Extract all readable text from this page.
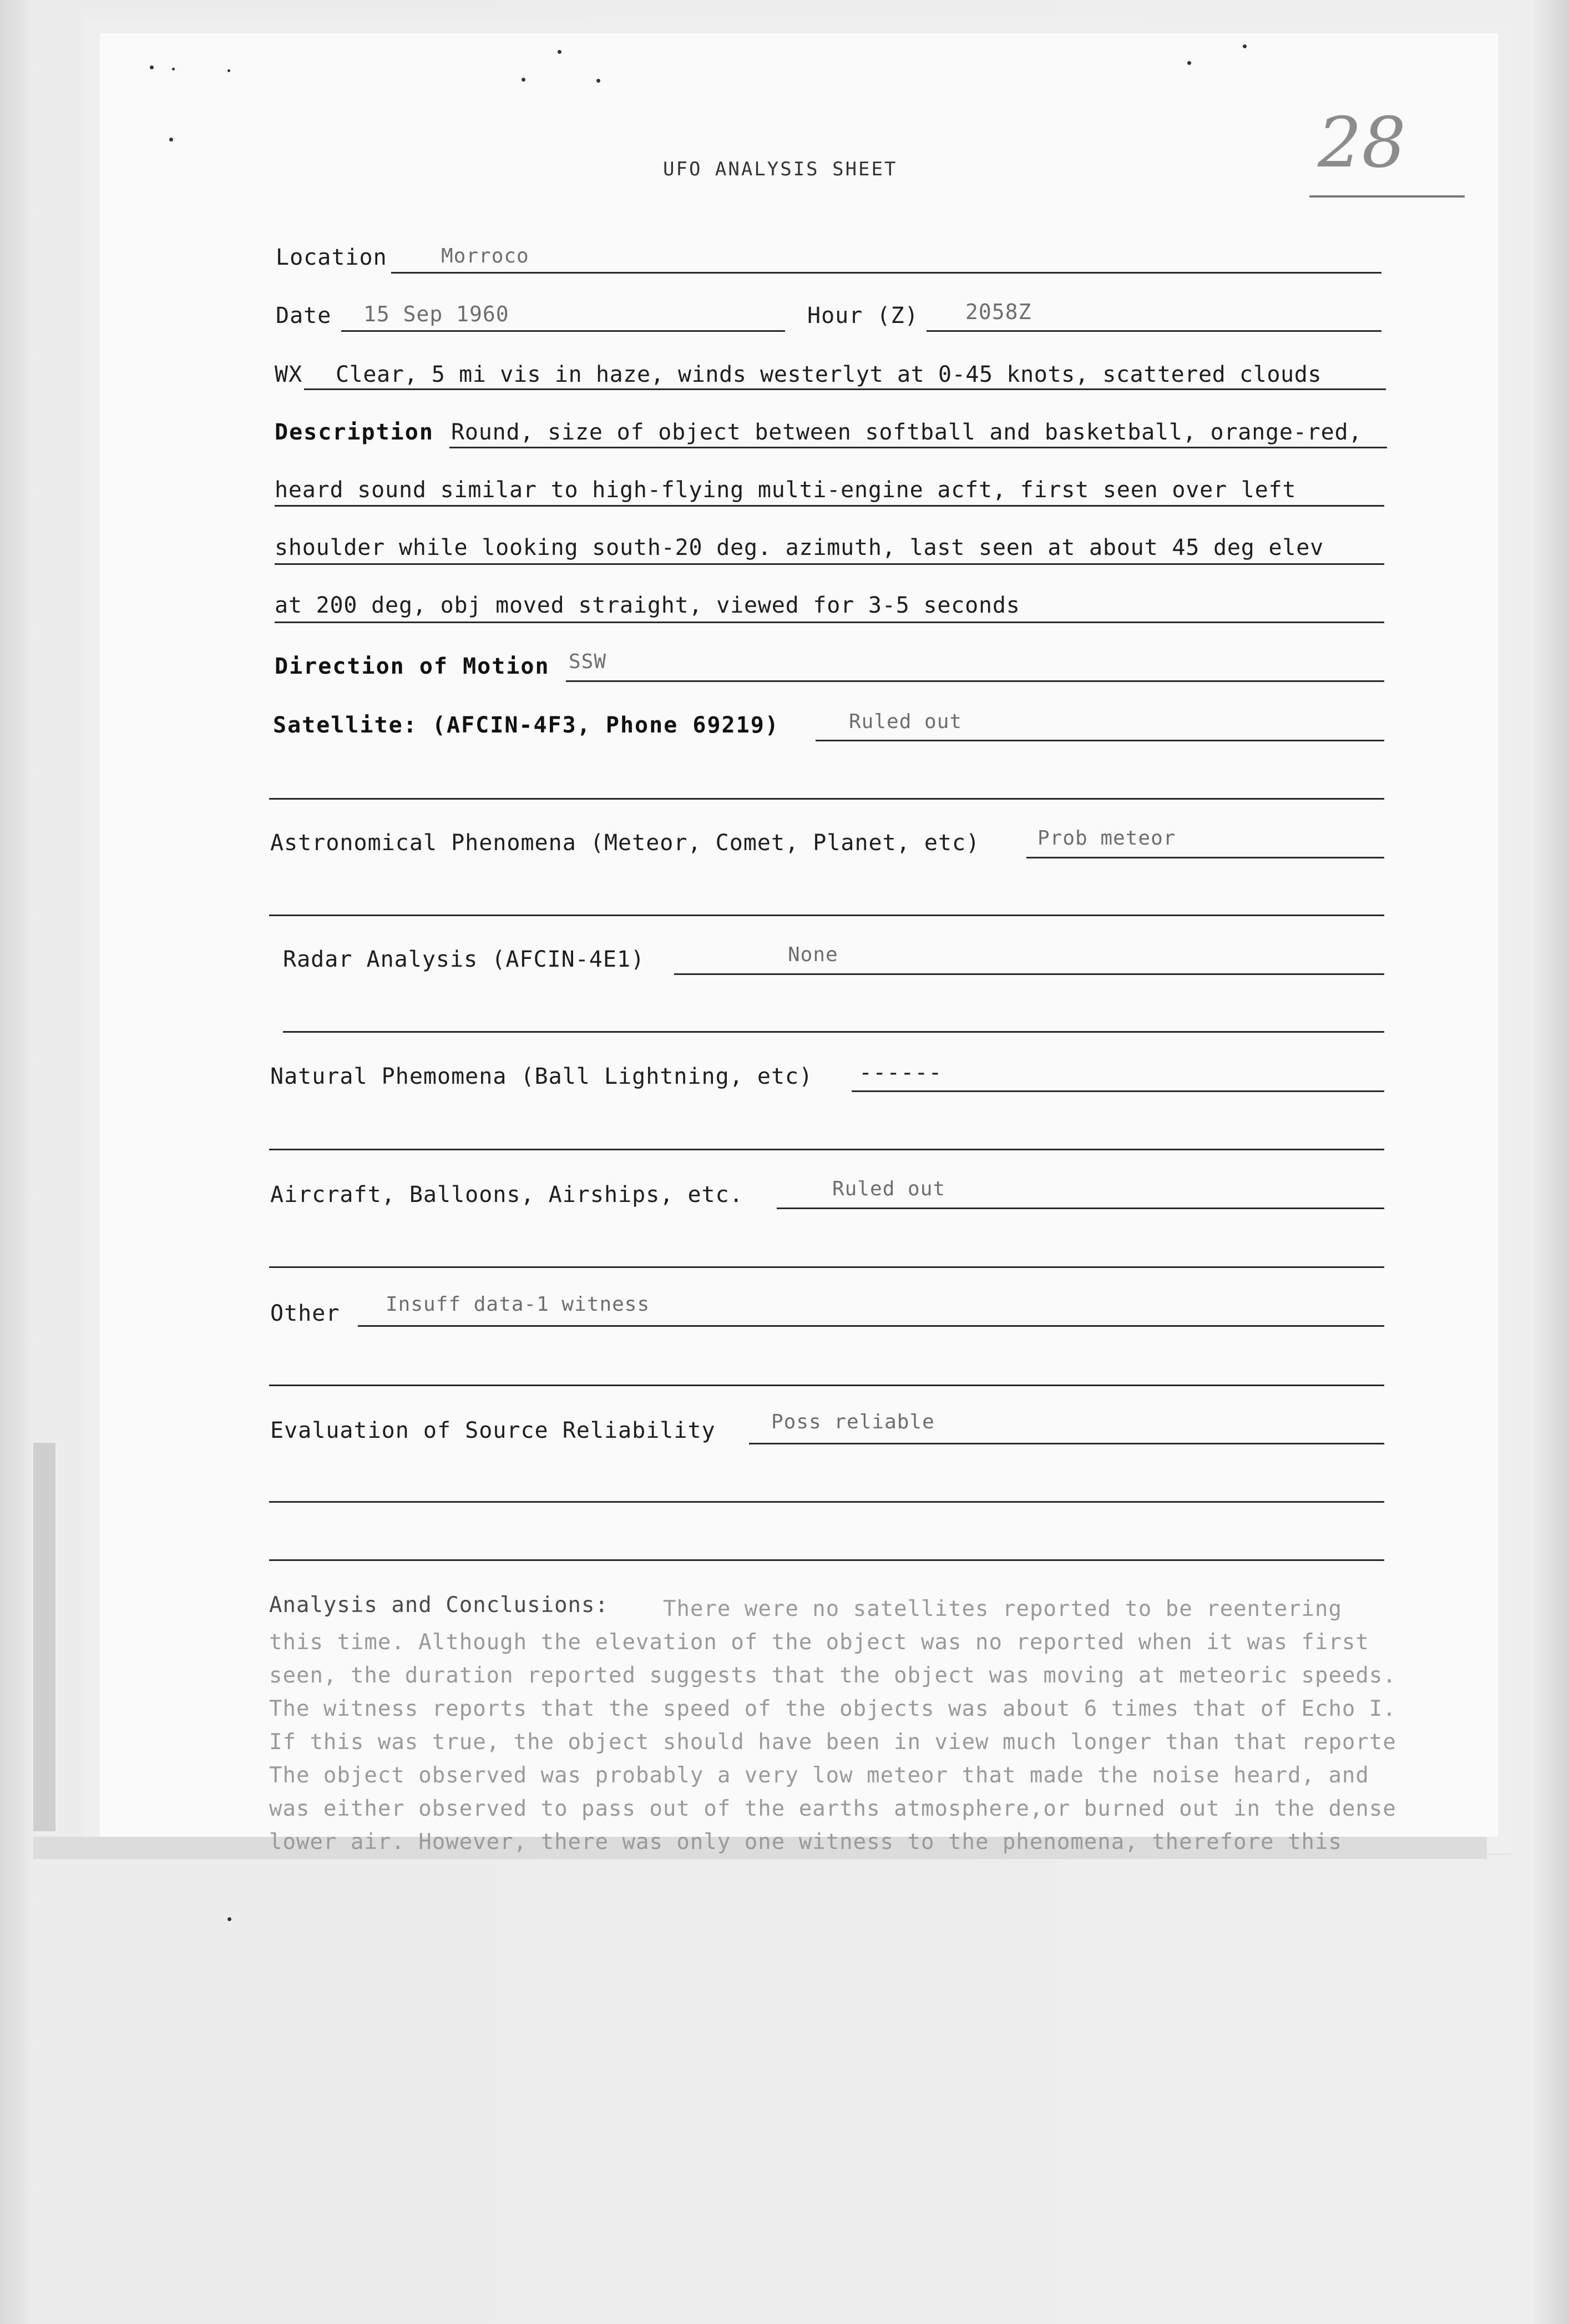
28
UFO ANALYSIS SHEET
Location	Morroco
Date 15 Sep 1960	Hour (Z) 2058Z
WX Clear, 5 mi vis in haze, winds westerlyt at 0-45 knots, scattered clouds
Description Round, size of object between softball and basketball, orange-red,
heard sound similar to high-flying multi-engine acft, first seen over left
shoulder while looking south-20 deg. azimuth, last seen at about 45 deg elev
at 200 deg, obj moved straight, viewed for 3-5 seconds
Direction of Motion SSW
Satellite: (AFCIN-4F3, Phone 69219)	Ruled out
Astronomical Phenomena (Meteor, Comet, Planet, etc)	Prob meteor
Radar Analysis (AFCIN-4E1)	None
Natural Phemomena (Ball Lightning, etc) ------
Aircraft, Balloons, Airships, etc.	Ruled out
Other Insuff data-1 witness
Evaluation of Source Reliability	Poss reliable
Analysis and Conclusions:	There were no satellites reported to be reentering
this time. Although the elevation of the object was no reported when it was first
seen, the duration reported suggests that the object was moving at meteoric speeds.
The witness reports that the speed of the objects was about 6 times that of Echo I.
If this was true, the object should have been in view much longer than that reporte
The object observed was probably a very low meteor that made the noise heard, and
was either observed to pass out of the earths atmosphere,or burned out in the dense
lower air. However, there was only one witness to the phenomena, therefore this
